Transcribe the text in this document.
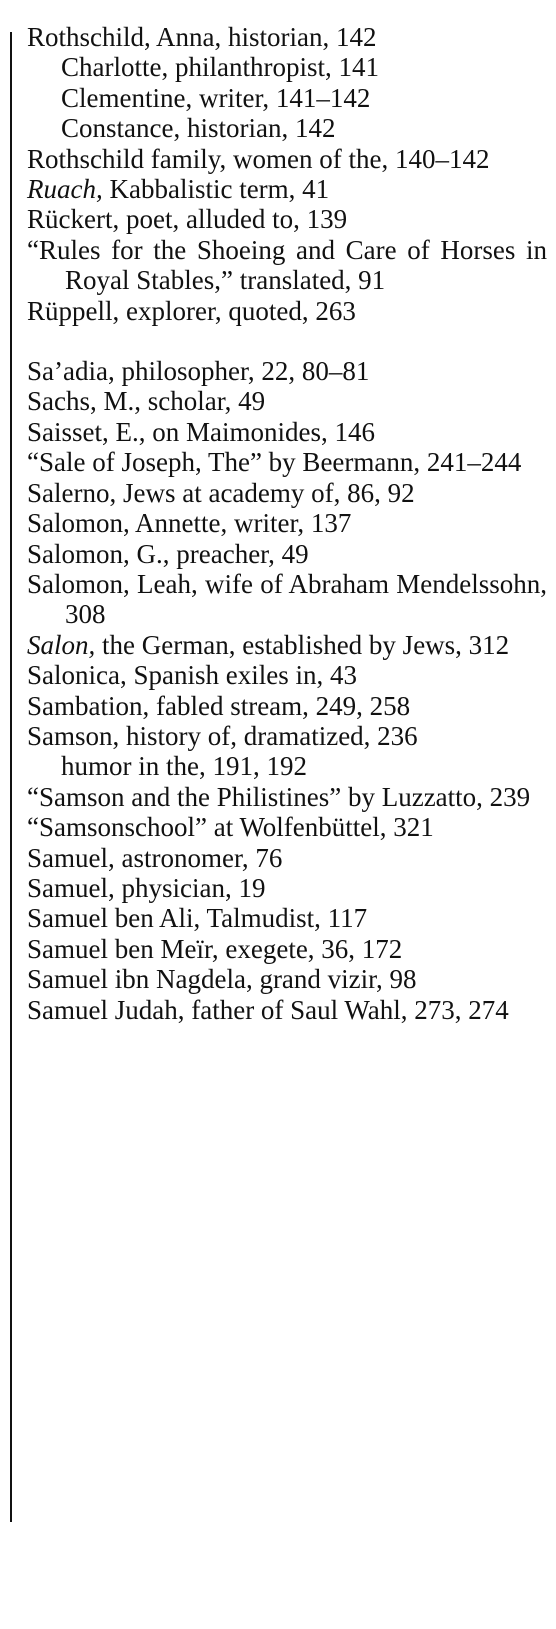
Rothschild, Anna, historian, 142

Charlotte, philanthropist, 141

Clementine, writer, 141–142

Constance, historian, 142

Rothschild family, women of the, 140–142

Ruach, Kabbalistic term, 41

Rückert, poet, alluded to, 139

“Rules for the Shoeing and Care of Horses in Royal Stables,” translated, 91

Rüppell, explorer, quoted, 263

Sa’adia, philosopher, 22, 80–81

Sachs, M., scholar, 49

Saisset, E., on Maimonides, 146

“Sale of Joseph, The” by Beermann, 241–244

Salerno, Jews at academy of, 86, 92

Salomon, Annette, writer, 137

Salomon, G., preacher, 49

Salomon, Leah, wife of Abraham Mendelssohn, 308

Salon, the German, established by Jews, 312

Salonica, Spanish exiles in, 43

Sambation, fabled stream, 249, 258

Samson, history of, dramatized, 236

humor in the, 191, 192

“Samson and the Philistines” by Luzzatto, 239

“Samsonschool” at Wolfenbüttel, 321

Samuel, astronomer, 76

Samuel, physician, 19

Samuel ben Ali, Talmudist, 117

Samuel ben Meïr, exegete, 36, 172

Samuel ibn Nagdela, grand vizir, 98

Samuel Judah, father of Saul Wahl, 273, 274
